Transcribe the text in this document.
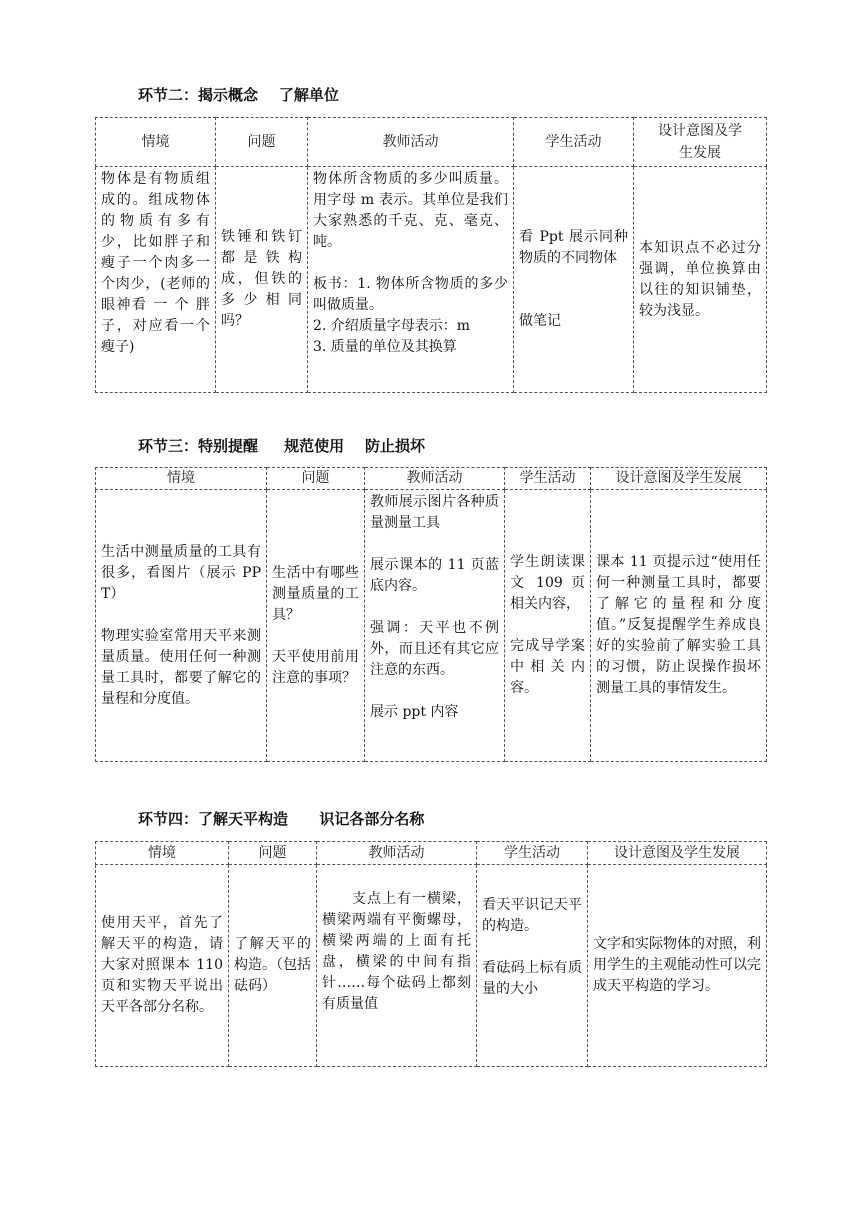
环节二：揭示概念    了解单位
情境	问题	教师活动	学生活动	设计意图及学
生发展
物体是有物质组成的。组成物体的物质有多有少，比如胖子和瘦子一个肉多一个肉少，(老师的眼神看 一 个 胖 子，对应看一个瘦子)	铁锤和铁钉都是铁构成，但铁的多少相同吗？	物体所含物质的多少叫质量。用字母 m 表示。其单位是我们大家熟悉的千克、克、毫克、吨。

板书：1. 物体所含物质的多少叫做质量。
2. 介绍质量字母表示：m
3. 质量的单位及其换算	看 Ppt 展示同种物质的不同物体

做笔记	本知识点不必过分强调，单位换算由以往的知识铺垫，较为浅显。
环节三：特别提醒     规范使用    防止损坏
情境	问题	教师活动	学生活动	设计意图及学生发展
生活中测量质量的工具有很多，看图片（展示 PPT）

物理实验室常用天平来测量质量。使用任何一种测量工具时，都要了解它的量程和分度值。	生活中有哪些测量质量的工具？

天平使用前用注意的事项？	教师展示图片各种质量测量工具

展示课本的 11 页蓝底内容。

强调：天平也不例外，而且还有其它应注意的东西。

展示 ppt 内容	学生朗读课文 109 页相关内容，

完成导学案中相关内容。	课本 11 页提示过“使用任何一种测量工具时，都要了解它的量程和分度值。”反复提醒学生养成良好的实验前了解实验工具的习惯，防止误操作损坏测量工具的事情发生。
环节四：了解天平构造      识记各部分名称
情境	问题	教师活动	学生活动	设计意图及学生发展
使用天平，首先了解天平的构造，请大家对照课本 110 页和实物天平说出天平各部分名称。	了解天平的构造。（包括砝码）	　　支点上有一横梁，横梁两端有平衡螺母，横梁两端的上面有托盘，横梁的中间有指针……每个砝码上都刻有质量值	看天平识记天平的构造。

看砝码上标有质量的大小	文字和实际物体的对照，利用学生的主观能动性可以完成天平构造的学习。
